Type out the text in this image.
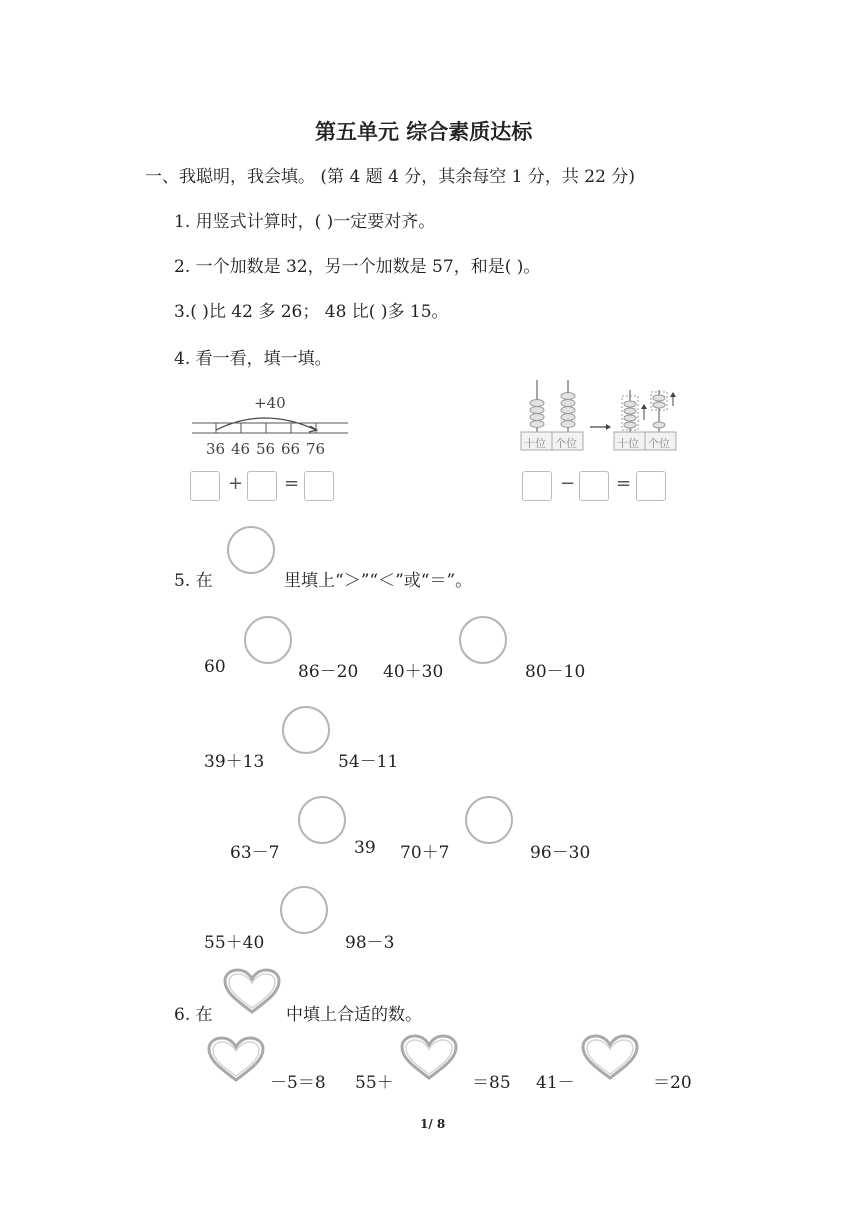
第五单元 综合素质达标
一、我聪明，我会填。 (第 4 题 4 分，其余每空 1 分，共 22 分)
1. 用竖式计算时，( )一定要对齐。
2. 一个加数是 32，另一个加数是 57，和是( )。
3.( )比 42 多 26； 48 比( )多 15。
4. 看一看，填一填。
+40
36 46 56 66 76
+ =
十位 个位	十位 个位
− =
5. 在	里填上“＞”“＜”或“＝”。
60	86－20 40＋30	80－10
39＋13	54－11
63－7	39 70＋7	96－30
55＋40	98－3
6. 在	中填上合适的数。
－5＝8 55＋	＝85 41－	＝20
1/ 8
